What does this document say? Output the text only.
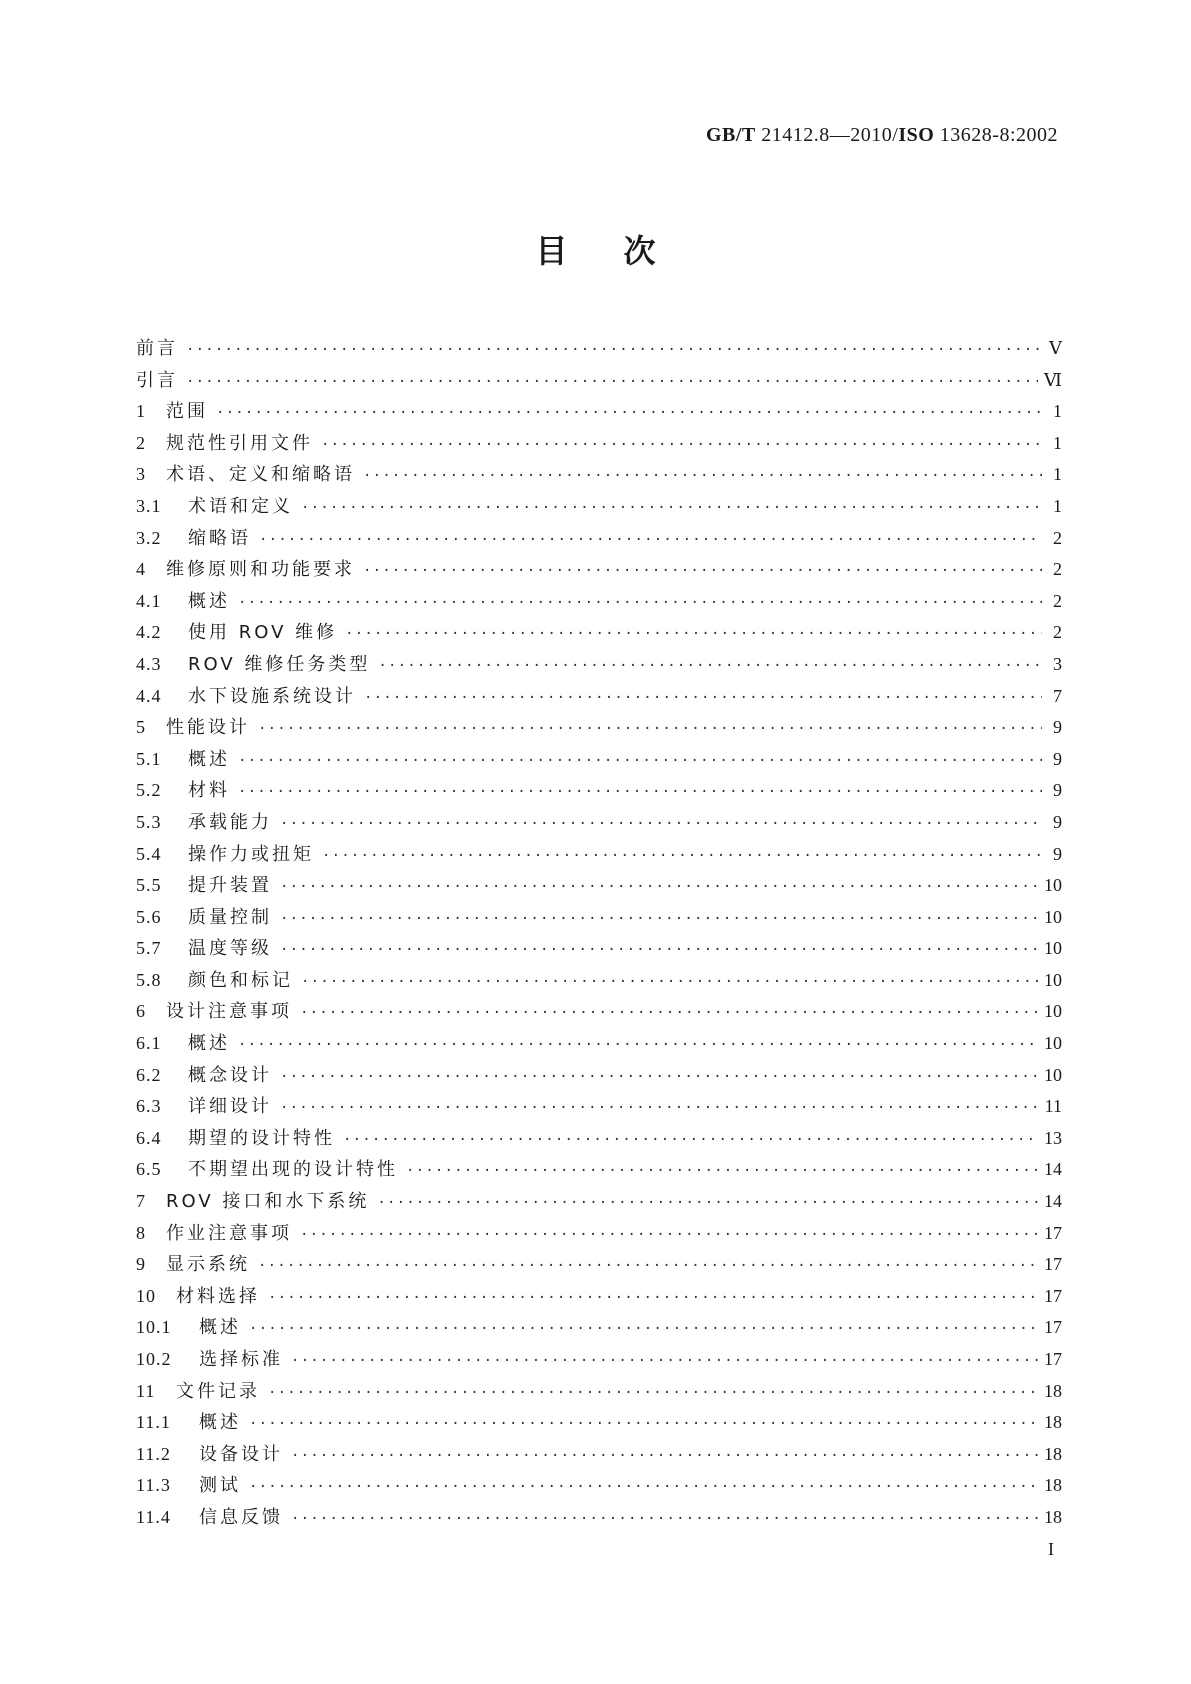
GB/T 21412.8—2010/ISO 13628-8:2002
目次
前言 ·····	Ⅴ
引言 ·····	Ⅵ
1	范围 ·····	1
2	规范性引用文件 ·····	1
3	术语、定义和缩略语 ·····	1
3.1	术语和定义 ·····	1
3.2	缩略语 ·····	2
4	维修原则和功能要求 ·····	2
4.1	概述 ·····	2
4.2	使用 ROV 维修 ·····	2
4.3	ROV 维修任务类型 ·····	3
4.4	水下设施系统设计 ·····	7
5	性能设计 ·····	9
5.1	概述 ·····	9
5.2	材料 ·····	9
5.3	承载能力 ·····	9
5.4	操作力或扭矩 ·····	9
5.5	提升装置 ·····	10
5.6	质量控制 ·····	10
5.7	温度等级 ·····	10
5.8	颜色和标记 ·····	10
6	设计注意事项 ·····	10
6.1	概述 ·····	10
6.2	概念设计 ·····	10
6.3	详细设计 ·····	11
6.4	期望的设计特性 ·····	13
6.5	不期望出现的设计特性 ·····	14
7	ROV 接口和水下系统 ·····	14
8	作业注意事项 ·····	17
9	显示系统 ·····	17
10	材料选择 ·····	17
10.1	概述 ·····	17
10.2	选择标准 ·····	17
11	文件记录 ·····	18
11.1	概述 ·····	18
11.2	设备设计 ·····	18
11.3	测试 ·····	18
11.4	信息反馈 ·····	18
I
